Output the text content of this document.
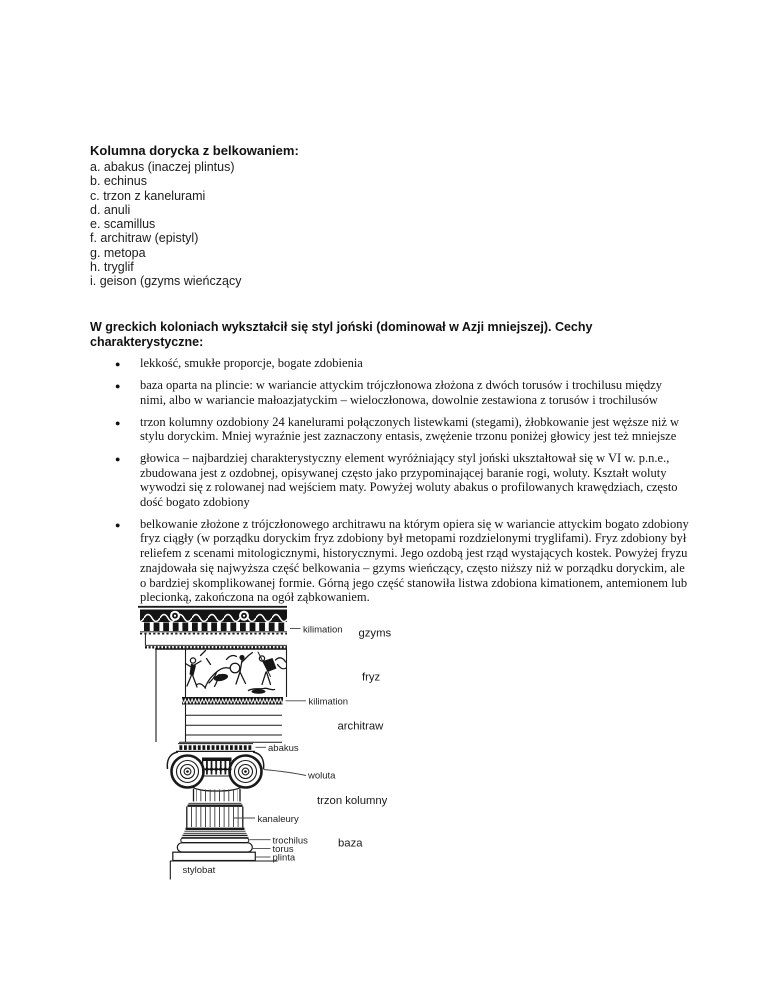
Kolumna dorycka z belkowaniem:
a. abakus (inaczej plintus)
b. echinus
c. trzon z kanelurami
d. anuli
e. scamillus
f. architraw (epistyl)
g. metopa
h. tryglif
i. geison (gzyms wieńczący
W greckich koloniach wykształcił się styl joński (dominował w Azji mniejszej). Cechy charakterystyczne:
● lekkość, smukłe proporcje, bogate zdobienia
● baza oparta na plincie: w wariancie attyckim trójczłonowa złożona z dwóch torusów i trochilusu między nimi, albo w wariancie małoazjatyckim – wieloczłonowa, dowolnie zestawiona z torusów i trochilusów
● trzon kolumny ozdobiony 24 kanelurami połączonych listewkami (stegami), żłobkowanie jest węższe niż w stylu doryckim. Mniej wyraźnie jest zaznaczony entasis, zwężenie trzonu poniżej głowicy jest też mniejsze
● głowica – najbardziej charakterystyczny element wyróżniający styl joński ukształtował się w VI w. p.n.e., zbudowana jest z ozdobnej, opisywanej często jako przypominającej baranie rogi, woluty. Kształt woluty wywodzi się z rolowanej nad wejściem maty. Powyżej woluty abakus o profilowanych krawędziach, często dość bogato zdobiony
● belkowanie złożone z trójczłonowego architrawu na którym opiera się w wariancie attyckim bogato zdobiony fryz ciągły (w porządku doryckim fryz zdobiony był metopami rozdzielonymi tryglifami). Fryz zdobiony był reliefem z scenami mitologicznymi, historycznymi. Jego ozdobą jest rząd wystających kostek. Powyżej fryzu znajdowała się najwyższa część belkowania – gzyms wieńczący, często niższy niż w porządku doryckim, ale o bardziej skomplikowanej formie. Górną jego część stanowiła listwa zdobiona kimationem, antemionem lub plecionką, zakończona na ogół ząbkowaniem.
kilimation gzyms
fryz
kilimation
architraw
abakus
woluta
trzon kolumny
kanaleury
trochilus
torus
plinta
baza
stylobat
